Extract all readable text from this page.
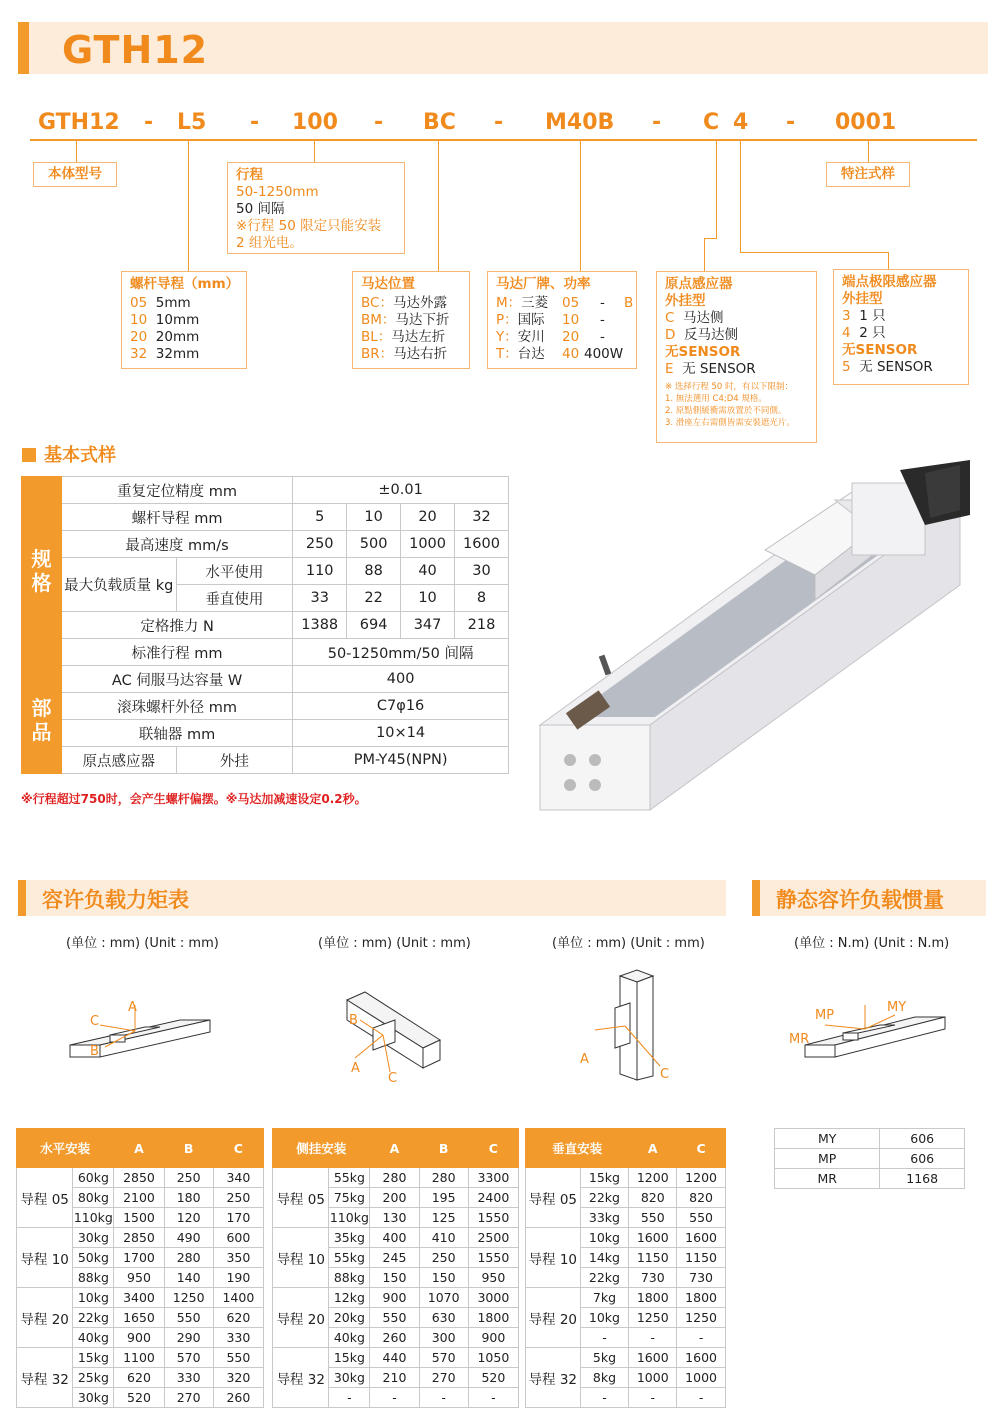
GTH12
GTH12 - L5 - 100 - BC - M40B - C 4 - 0001
本体型号	特注式样
行程
50-1250mm
50 间隔
※行程 50 限定只能安装
2 组光电。
螺杆导程（mm）
05 5mm
10 10mm
20 20mm
32 32mm
马达位置
BC：马达外露
BM：马达下折
BL：马达左折
BR：马达右折
马达厂牌、功率
M：三菱 05 - B
P：国际 10 -
Y：安川 20 -
T：台达 40 400W
原点感应器
外挂型
C 马达侧
D 反马达侧
无SENSOR
E 无 SENSOR
※ 选择行程 50 时，有以下限制：
1. 無法選用 C4;D4 規格。
2. 原點側緩衝需放置於不同側。
3. 滑座左右需側皆需安裝遮光片。
端点极限感应器
外挂型
3 1 只
4 2 只
无SENSOR
5 无 SENSOR
基本式样
规格	重复定位精度 mm		±0.01			
	螺杆导程 mm		5	10	20	32
	最高速度 mm/s		250	500	1000	1600
	最大负载质量 kg	水平使用	110	88	40	30
		垂直使用	33	22	10	8
	定格推力 N		1388	694	347	218
	标准行程 mm		50-1250mm/50 间隔			

部品	AC 伺服马达容量 W		400			
	滚珠螺杆外径 mm		C7φ16			
	联轴器 mm		10×14			
	原点感应器	外挂	PM-Y45(NPN)			
※行程超过750时，会产生螺杆偏摆。※马达加减速设定0.2秒。
容许负载力矩表	静态容许负载惯量
(单位 : mm) (Unit : mm)	(单位 : mm) (Unit : mm)	(单位 : mm) (Unit : mm)	(单位 : N.m) (Unit : N.m)
A
B
C
A
B
C
A
C
MP
MY
MR
水平安装		A	B	C
导程 05	60kg	2850	250	340
	80kg	2100	180	250
	110kg	1500	120	170
导程 10	30kg	2850	490	600
	50kg	1700	280	350
	88kg	950	140	190
导程 20	10kg	3400	1250	1400
	22kg	1650	550	620
	40kg	900	290	330
导程 32	15kg	1100	570	550
	25kg	620	330	320
	30kg	520	270	260
侧挂安装		A	B	C
导程 05	55kg	280	280	3300
	75kg	200	195	2400
	110kg	130	125	1550
导程 10	35kg	400	410	2500
	55kg	245	250	1550
	88kg	150	150	950
导程 20	12kg	900	1070	3000
	20kg	550	630	1800
	40kg	260	300	900
导程 32	15kg	440	570	1050
	30kg	210	270	520
	-	-	-	-
垂直安装		A	C
导程 05	15kg	1200	1200
	22kg	820	820
	33kg	550	550
导程 10	10kg	1600	1600
	14kg	1150	1150
	22kg	730	730
导程 20	7kg	1800	1800
	10kg	1250	1250
	-	-	-
导程 32	5kg	1600	1600
	8kg	1000	1000
	-	-	-
MY	606
MP	606
MR	1168
